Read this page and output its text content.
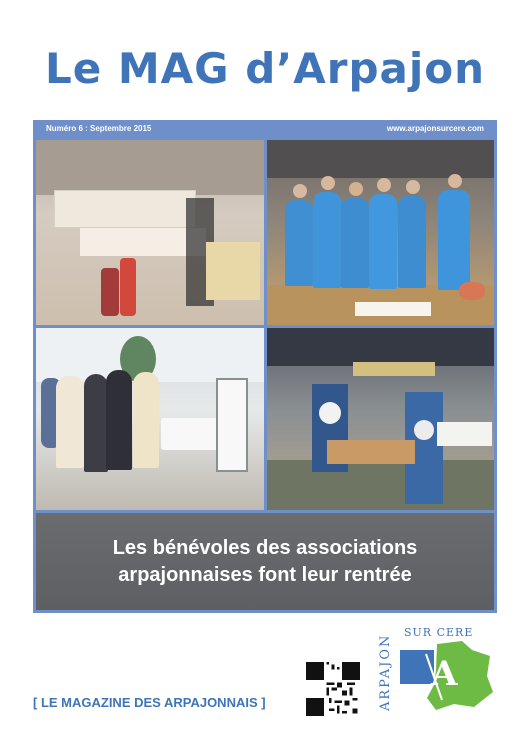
Le MAG d’Arpajon
Numéro 6 : Septembre 2015	www.arpajonsurcere.com
Les bénévoles des associations
arpajonnaises font leur rentrée
[ LE MAGAZINE DES ARPAJONNAIS ]	ARPAJON
SUR CERE
A
